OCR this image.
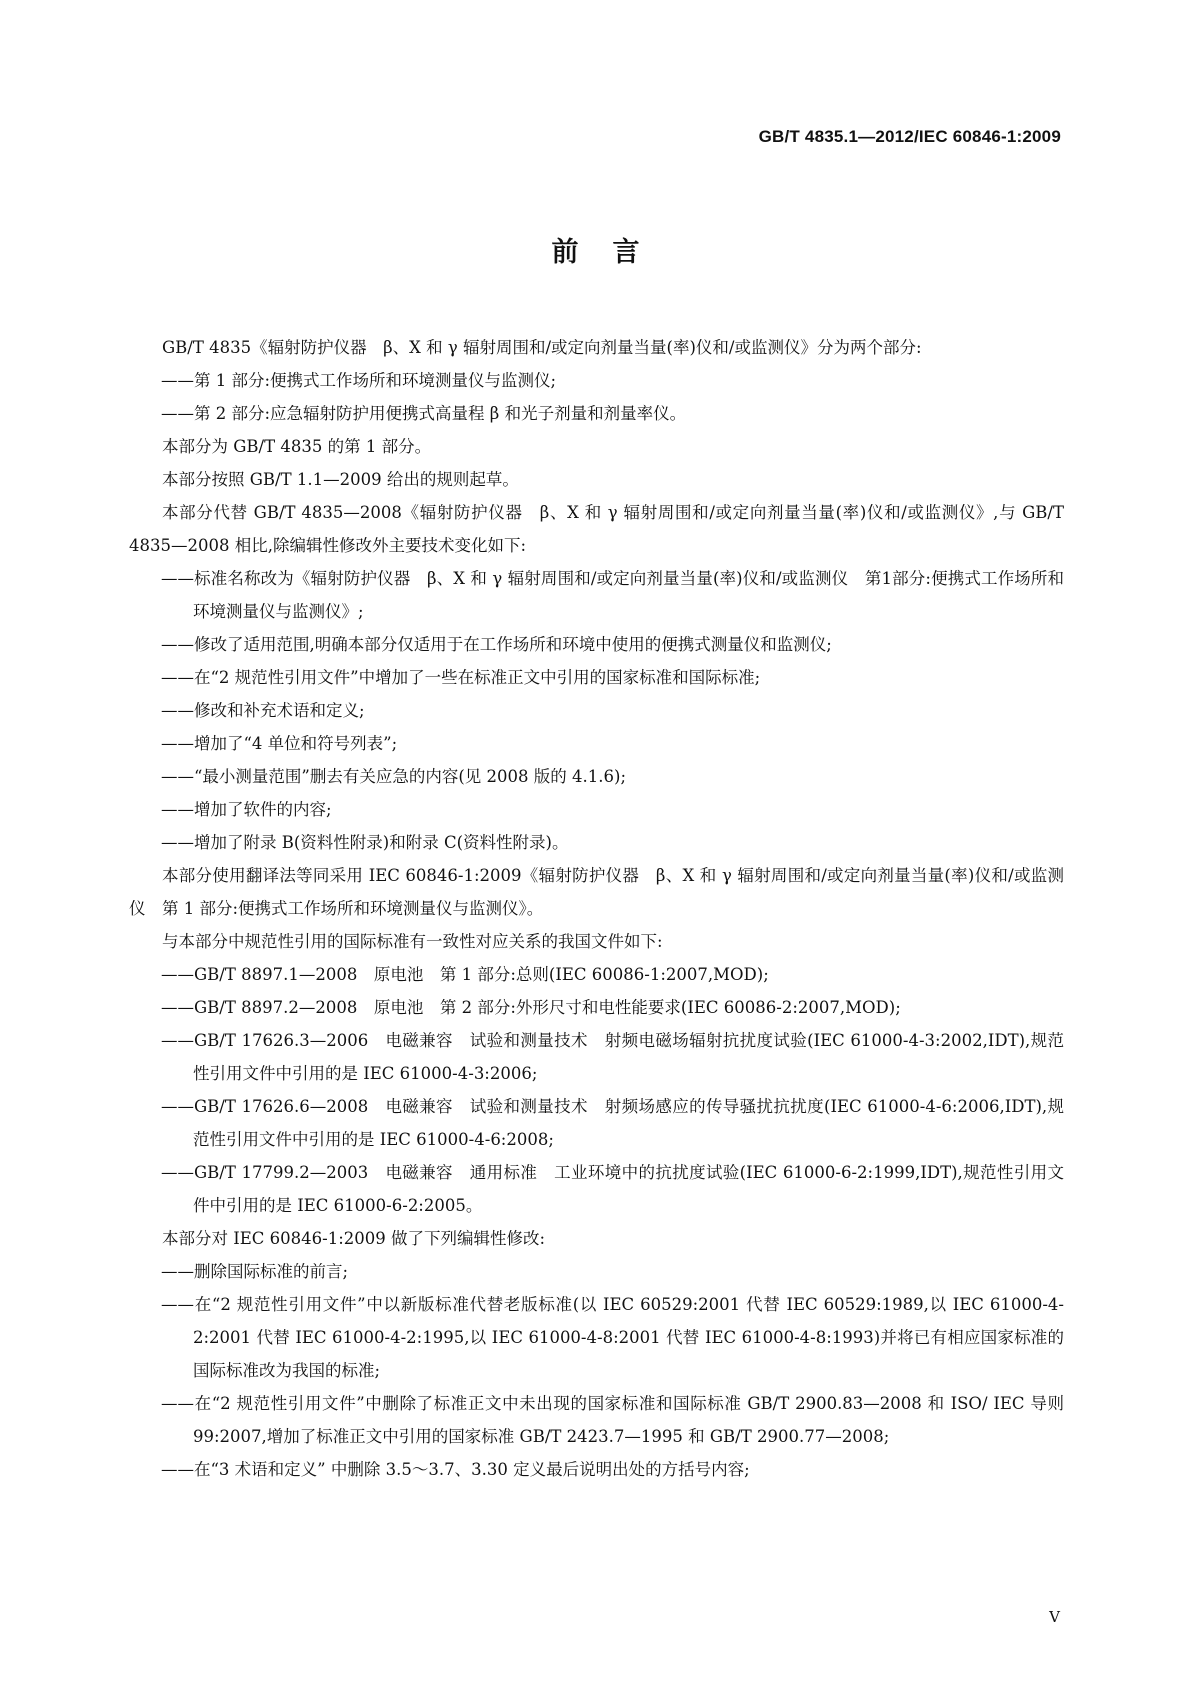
GB/T 4835.1—2012/IEC 60846-1:2009
前言

GB/T 4835《辐射防护仪器　β、X 和 γ 辐射周围和/或定向剂量当量(率)仪和/或监测仪》分为两个部分:

——第 1 部分:便携式工作场所和环境测量仪与监测仪;

——第 2 部分:应急辐射防护用便携式高量程 β 和光子剂量和剂量率仪。

本部分为 GB/T 4835 的第 1 部分。

本部分按照 GB/T 1.1—2009 给出的规则起草。

本部分代替 GB/T 4835—2008《辐射防护仪器　β、X 和 γ 辐射周围和/或定向剂量当量(率)仪和/或监测仪》,与 GB/T 4835—2008 相比,除编辑性修改外主要技术变化如下:

——标准名称改为《辐射防护仪器　β、X 和 γ 辐射周围和/或定向剂量当量(率)仪和/或监测仪　第1部分:便携式工作场所和环境测量仪与监测仪》;

——修改了适用范围,明确本部分仅适用于在工作场所和环境中使用的便携式测量仪和监测仪;

——在“2 规范性引用文件”中增加了一些在标准正文中引用的国家标准和国际标准;

——修改和补充术语和定义;

——增加了“4 单位和符号列表”;

——“最小测量范围”删去有关应急的内容(见 2008 版的 4.1.6);

——增加了软件的内容;

——增加了附录 B(资料性附录)和附录 C(资料性附录)。

本部分使用翻译法等同采用 IEC 60846-1:2009《辐射防护仪器　β、X 和 γ 辐射周围和/或定向剂量当量(率)仪和/或监测仪　第 1 部分:便携式工作场所和环境测量仪与监测仪》。

与本部分中规范性引用的国际标准有一致性对应关系的我国文件如下:

——GB/T 8897.1—2008　原电池　第 1 部分:总则(IEC 60086-1:2007,MOD);

——GB/T 8897.2—2008　原电池　第 2 部分:外形尺寸和电性能要求(IEC 60086-2:2007,MOD);

——GB/T 17626.3—2006　电磁兼容　试验和测量技术　射频电磁场辐射抗扰度试验(IEC 61000-4-3:2002,IDT),规范性引用文件中引用的是 IEC 61000-4-3:2006;

——GB/T 17626.6—2008　电磁兼容　试验和测量技术　射频场感应的传导骚扰抗扰度(IEC 61000-4-6:2006,IDT),规范性引用文件中引用的是 IEC 61000-4-6:2008;

——GB/T 17799.2—2003　电磁兼容　通用标准　工业环境中的抗扰度试验(IEC 61000-6-2:1999,IDT),规范性引用文件中引用的是 IEC 61000-6-2:2005。

本部分对 IEC 60846-1:2009 做了下列编辑性修改:

——删除国际标准的前言;

——在“2 规范性引用文件”中以新版标准代替老版标准(以 IEC 60529:2001 代替 IEC 60529:1989,以 IEC 61000-4-2:2001 代替 IEC 61000-4-2:1995,以 IEC 61000-4-8:2001 代替 IEC 61000-4-8:1993)并将已有相应国家标准的国际标准改为我国的标准;

——在“2 规范性引用文件”中删除了标准正文中未出现的国家标准和国际标准 GB/T 2900.83—2008 和 ISO/ IEC 导则 99:2007,增加了标准正文中引用的国家标准 GB/T 2423.7—1995 和 GB/T 2900.77—2008;

——在“3 术语和定义” 中删除 3.5～3.7、3.30 定义最后说明出处的方括号内容;

V
